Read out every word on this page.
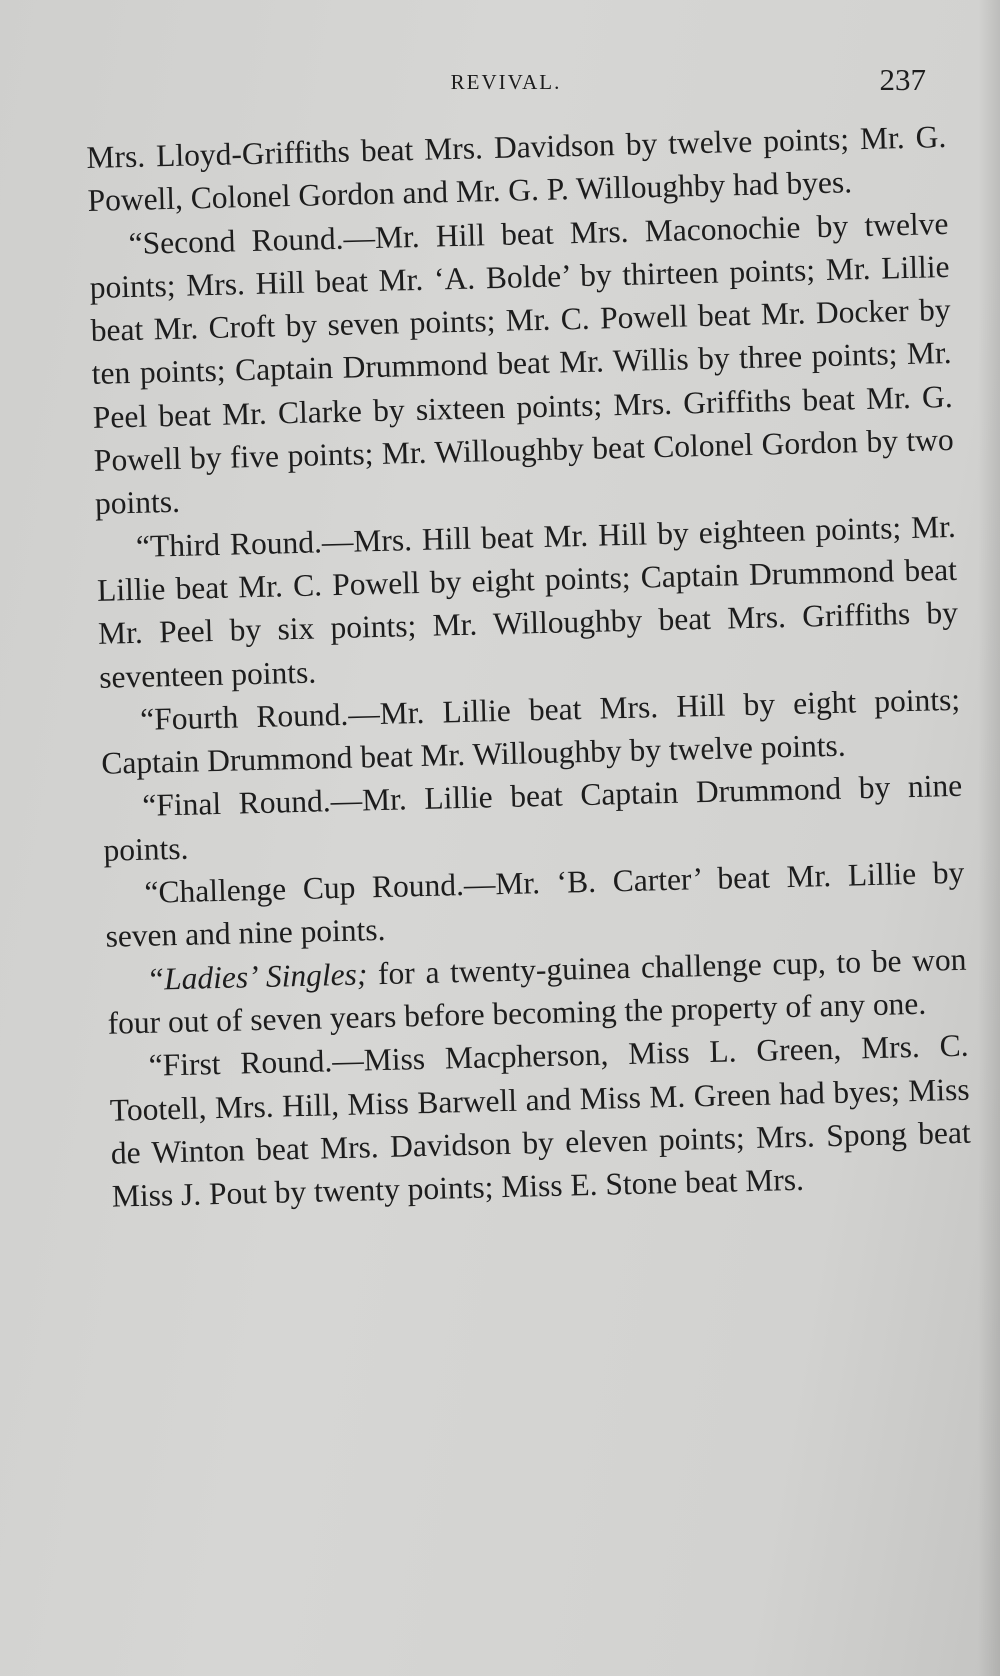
REVIVAL.	237

Mrs. Lloyd-Griffiths beat Mrs. Davidson by twelve points; Mr. G. Powell, Colonel Gordon and Mr. G. P. Willoughby had byes.

“Second Round.—Mr. Hill beat Mrs. Maconochie by twelve points; Mrs. Hill beat Mr. ‘A. Bolde’ by thirteen points; Mr. Lillie beat Mr. Croft by seven points; Mr. C. Powell beat Mr. Docker by ten points; Captain Drummond beat Mr. Willis by three points; Mr. Peel beat Mr. Clarke by sixteen points; Mrs. Griffiths beat Mr. G. Powell by five points; Mr. Willoughby beat Colonel Gordon by two points.

“Third Round.—Mrs. Hill beat Mr. Hill by eighteen points; Mr. Lillie beat Mr. C. Powell by eight points; Captain Drummond beat Mr. Peel by six points; Mr. Willoughby beat Mrs. Griffiths by seventeen points.

“Fourth Round.—Mr. Lillie beat Mrs. Hill by eight points; Captain Drummond beat Mr. Willoughby by twelve points.

“Final Round.—Mr. Lillie beat Captain Drummond by nine points.

“Challenge Cup Round.—Mr. ‘B. Carter’ beat Mr. Lillie by seven and nine points.

“Ladies’ Singles; for a twenty-guinea challenge cup, to be won four out of seven years before becoming the property of any one.

“First Round.—Miss Macpherson, Miss L. Green, Mrs. C. Tootell, Mrs. Hill, Miss Barwell and Miss M. Green had byes; Miss de Winton beat Mrs. Davidson by eleven points; Mrs. Spong beat Miss J. Pout by twenty points; Miss E. Stone beat Mrs.
